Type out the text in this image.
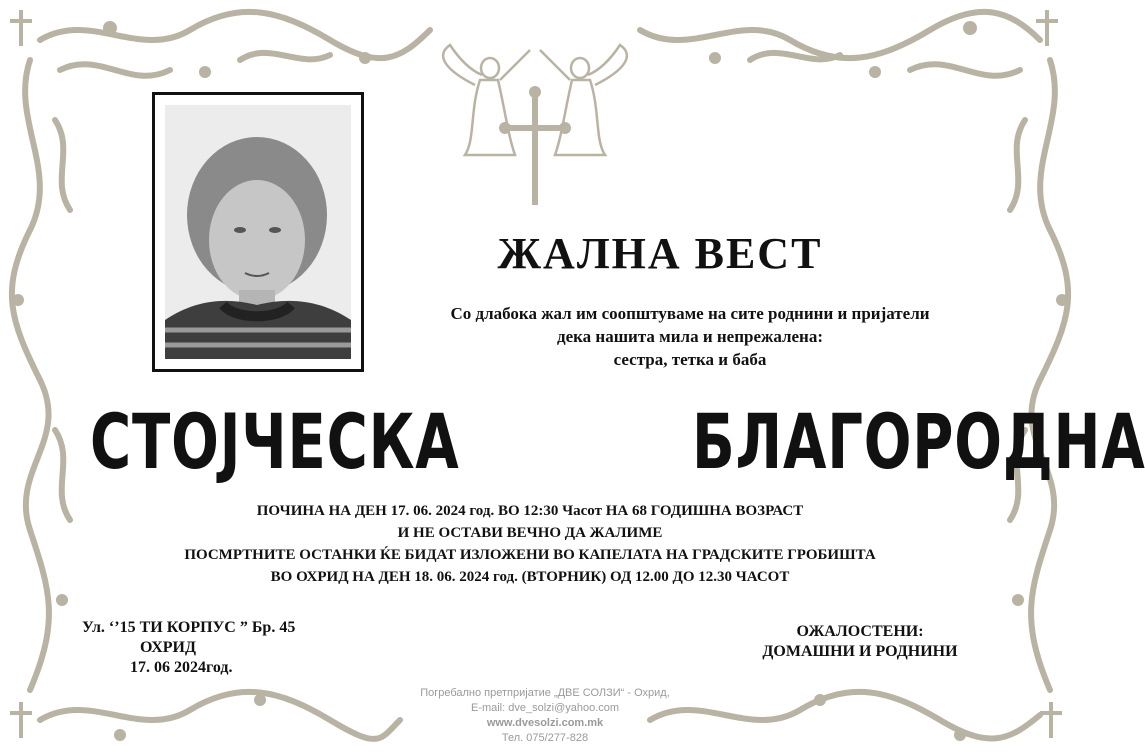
ЖАЛНА ВЕСТ
Со длабока жал им соопштуваме на сите роднини и пријатели
дека нашита мила и непрежалена:
сестра, тетка и баба
СТОЈЧЕСКА	БЛАГОРОДНА
ПОЧИНА НА ДЕН 17. 06. 2024 год. ВО 12:30 Часот НА 68 ГОДИШНА ВОЗРАСТ
И НЕ ОСТАВИ ВЕЧНО ДА ЖАЛИМЕ
ПОСМРТНИТЕ ОСТАНКИ ЌЕ БИДАТ ИЗЛОЖЕНИ ВО КАПЕЛАТА НА ГРАДСКИТЕ ГРОБИШТА
ВО ОХРИД НА ДЕН 18. 06. 2024 год. (ВТОРНИК) ОД 12.00 ДО 12.30 ЧАСОТ
Ул. ‘’15 ТИ КОРПУС ” Бр. 45
ОХРИД
17. 06 2024год.
ОЖАЛОСТЕНИ:
ДОМАШНИ И РОДНИНИ
Погребално претпријатие „ДВЕ СОЛЗИ“ - Охрид,
E-mail: dve_solzi@yahoo.com
www.dvesolzi.com.mk
Тел. 075/277-828
